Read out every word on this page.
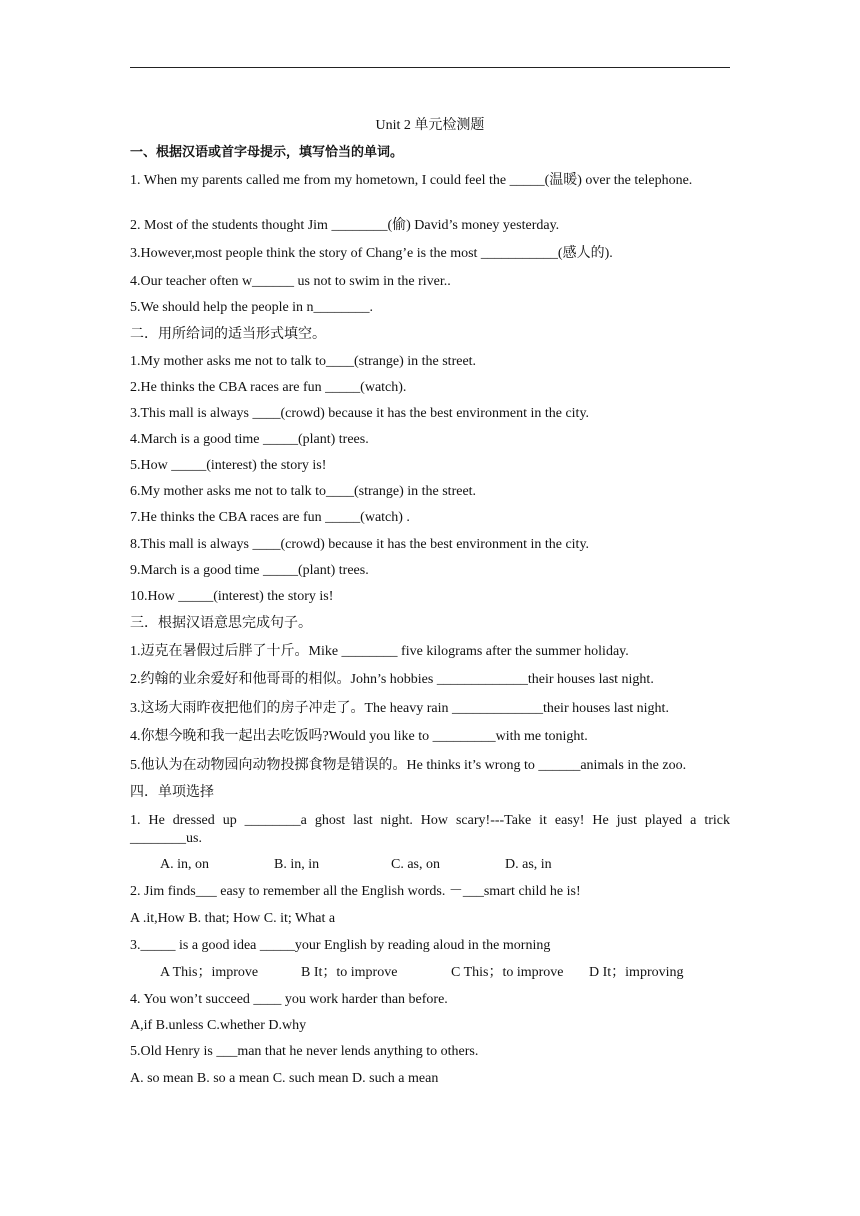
Unit 2 单元检测题
一、根据汉语或首字母提示，填写恰当的单词。
1. When my parents called me from my hometown, I could feel the _____(温暖) over the telephone.
2. Most of the students thought Jim ________(偷) David’s money yesterday.
3.However,most people think the story of Chang’e is the most ___________(感人的).
4.Our teacher often w______ us not to swim in the river..
5.We should help the people in n________.
二．用所给词的适当形式填空。
1.My mother asks me not to talk to____(strange) in the street.
2.He thinks the CBA races are fun _____(watch).
3.This mall is always ____(crowd) because it has the best environment in the city.
4.March is a good time _____(plant) trees.
5.How _____(interest) the story is!
6.My mother asks me not to talk to____(strange) in the street.
7.He thinks the CBA races are fun _____(watch) .
8.This mall is always ____(crowd) because it has the best environment in the city.
9.March is a good time _____(plant) trees.
10.How _____(interest) the story is!
三．根据汉语意思完成句子。
1.迈克在暑假过后胖了十斤。Mike ________ five kilograms after the summer holiday.
2.约翰的业余爱好和他哥哥的相似。John’s hobbies _____________their houses last night.
3.这场大雨昨夜把他们的房子冲走了。The heavy rain _____________their houses last night.
4.你想今晚和我一起出去吃饭吗?Would you like to _________with me tonight.
5.他认为在动物园向动物投掷食物是错误的。He thinks it’s wrong to ______animals in the zoo.
四．单项选择
1. He dressed up ________a ghost last night. How scary!---Take it easy! He just played a trick ________us.
A. in, on	B. in, in	C. as, on	D. as, in
2. Jim finds___ easy to remember all the English words. －___smart child he is!
A .it,How B. that; How C. it; What a
3._____ is a good idea _____your English by reading aloud in the morning
A This；improve	B It；to improve	C This；to improve D It；improving
4. You won’t succeed ____ you work harder than before.
A,if B.unless C.whether D.why
5.Old Henry is ___man that he never lends anything to others.
A. so mean B. so a mean C. such mean D. such a mean
